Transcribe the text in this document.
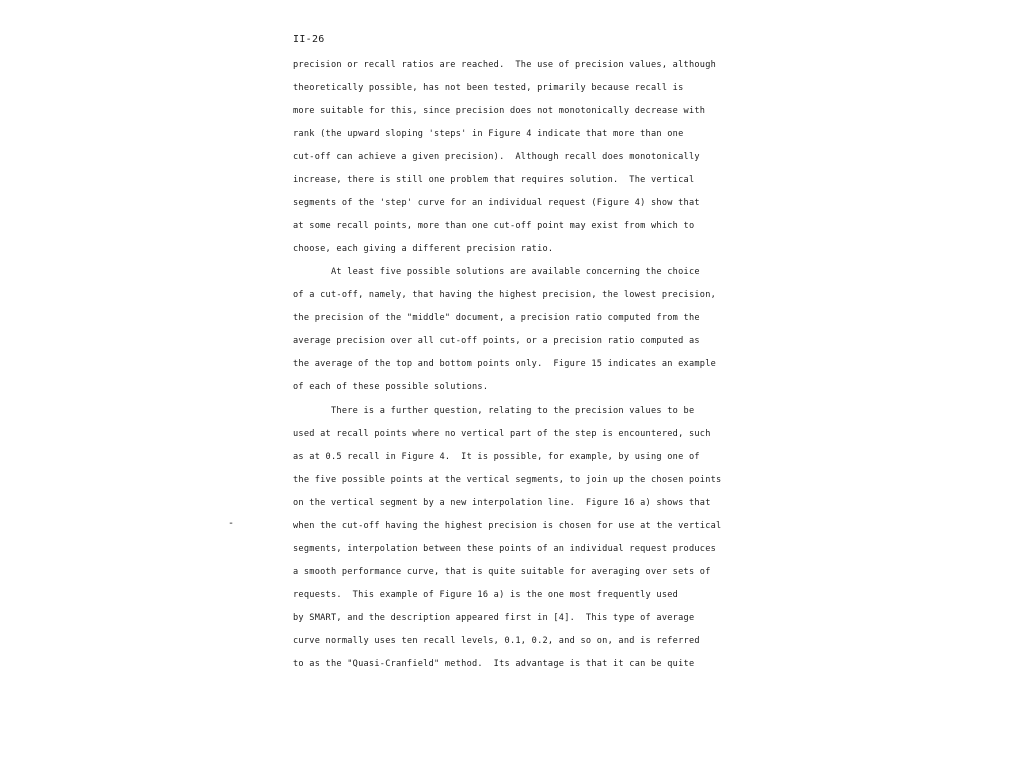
II-26
-
precision or recall ratios are reached.  The use of precision values, although
theoretically possible, has not been tested, primarily because recall is
more suitable for this, since precision does not monotonically decrease with
rank (the upward sloping 'steps' in Figure 4 indicate that more than one
cut-off can achieve a given precision).  Although recall does monotonically
increase, there is still one problem that requires solution.  The vertical
segments of the 'step' curve for an individual request (Figure 4) show that
at some recall points, more than one cut-off point may exist from which to
choose, each giving a different precision ratio.
At least five possible solutions are available concerning the choice
of a cut-off, namely, that having the highest precision, the lowest precision,
the precision of the "middle" document, a precision ratio computed from the
average precision over all cut-off points, or a precision ratio computed as
the average of the top and bottom points only.  Figure 15 indicates an example
of each of these possible solutions.
There is a further question, relating to the precision values to be
used at recall points where no vertical part of the step is encountered, such
as at 0.5 recall in Figure 4.  It is possible, for example, by using one of
the five possible points at the vertical segments, to join up the chosen points
on the vertical segment by a new interpolation line.  Figure 16 a) shows that
when the cut-off having the highest precision is chosen for use at the vertical
segments, interpolation between these points of an individual request produces
a smooth performance curve, that is quite suitable for averaging over sets of
requests.  This example of Figure 16 a) is the one most frequently used
by SMART, and the description appeared first in [4].  This type of average
curve normally uses ten recall levels, 0.1, 0.2, and so on, and is referred
to as the "Quasi-Cranfield" method.  Its advantage is that it can be quite
